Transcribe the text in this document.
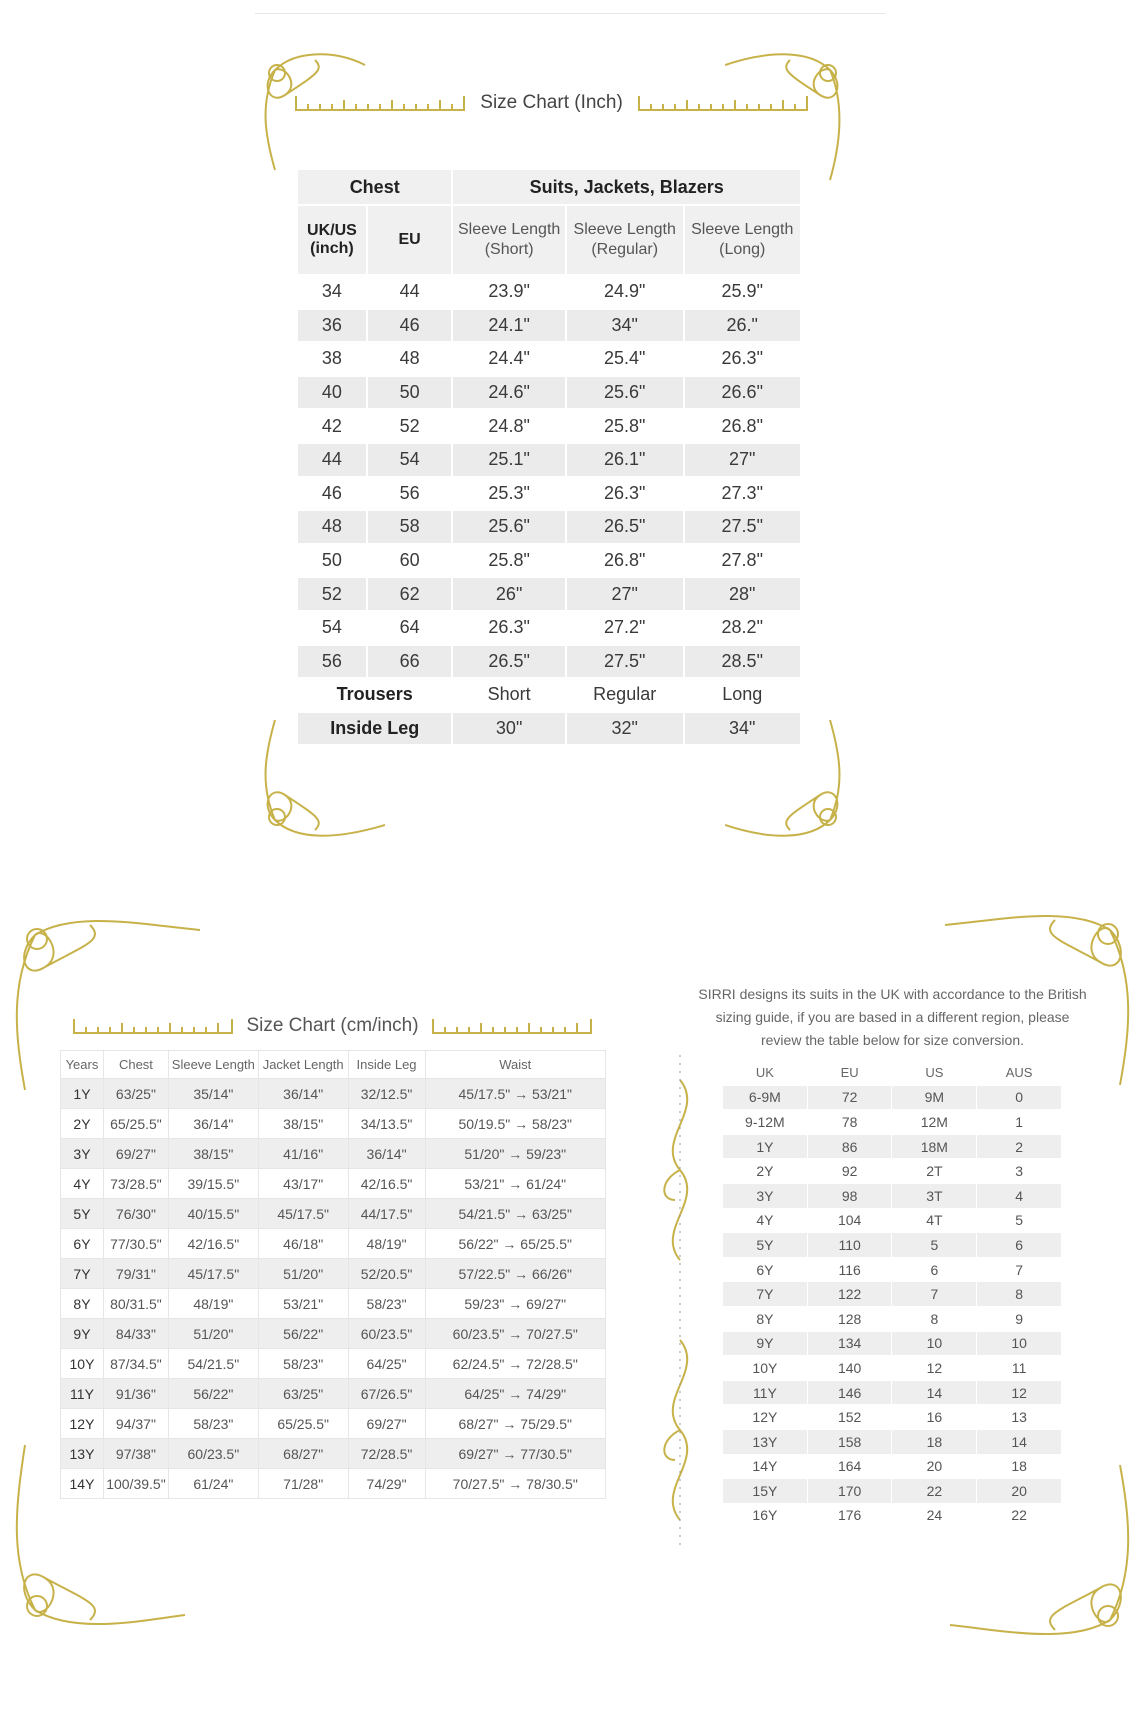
Size Chart (Inch)
Chest		Suits, Jackets, Blazers		
UK/US (inch)	EU	Sleeve Length (Short)	Sleeve Length (Regular)	Sleeve Length (Long)
34	44	23.9"	24.9"	25.9"
36	46	24.1"	34"	26."
38	48	24.4"	25.4"	26.3"
40	50	24.6"	25.6"	26.6"
42	52	24.8"	25.8"	26.8"
44	54	25.1"	26.1"	27"
46	56	25.3"	26.3"	27.3"
48	58	25.6"	26.5"	27.5"
50	60	25.8"	26.8"	27.8"
52	62	26"	27"	28"
54	64	26.3"	27.2"	28.2"
56	66	26.5"	27.5"	28.5"
Trousers		Short	Regular	Long
Inside Leg		30"	32"	34"
Size Chart (cm/inch)
Years	Chest	Sleeve Length	Jacket Length	Inside Leg	Waist
1Y	63/25"	35/14"	36/14"	32/12.5"	45/17.5" → 53/21"
2Y	65/25.5"	36/14"	38/15"	34/13.5"	50/19.5" → 58/23"
3Y	69/27"	38/15"	41/16"	36/14"	51/20" → 59/23"
4Y	73/28.5"	39/15.5"	43/17"	42/16.5"	53/21" → 61/24"
5Y	76/30"	40/15.5"	45/17.5"	44/17.5"	54/21.5" → 63/25"
6Y	77/30.5"	42/16.5"	46/18"	48/19"	56/22" → 65/25.5"
7Y	79/31"	45/17.5"	51/20"	52/20.5"	57/22.5" → 66/26"
8Y	80/31.5"	48/19"	53/21"	58/23"	59/23" → 69/27"
9Y	84/33"	51/20"	56/22"	60/23.5"	60/23.5" → 70/27.5"
10Y	87/34.5"	54/21.5"	58/23"	64/25"	62/24.5" → 72/28.5"
11Y	91/36"	56/22"	63/25"	67/26.5"	64/25" → 74/29"
12Y	94/37"	58/23"	65/25.5"	69/27"	68/27" → 75/29.5"
13Y	97/38"	60/23.5"	68/27"	72/28.5"	69/27" → 77/30.5"
14Y	100/39.5"	61/24"	71/28"	74/29"	70/27.5" → 78/30.5"
SIRRI designs its suits in the UK with accordance to the British sizing guide, if you are based in a different region, please review the table below for size conversion.
UK	EU	US	AUS
6-9M	72	9M	0
9-12M	78	12M	1
1Y	86	18M	2
2Y	92	2T	3
3Y	98	3T	4
4Y	104	4T	5
5Y	110	5	6
6Y	116	6	7
7Y	122	7	8
8Y	128	8	9
9Y	134	10	10
10Y	140	12	11
11Y	146	14	12
12Y	152	16	13
13Y	158	18	14
14Y	164	20	18
15Y	170	22	20
16Y	176	24	22
